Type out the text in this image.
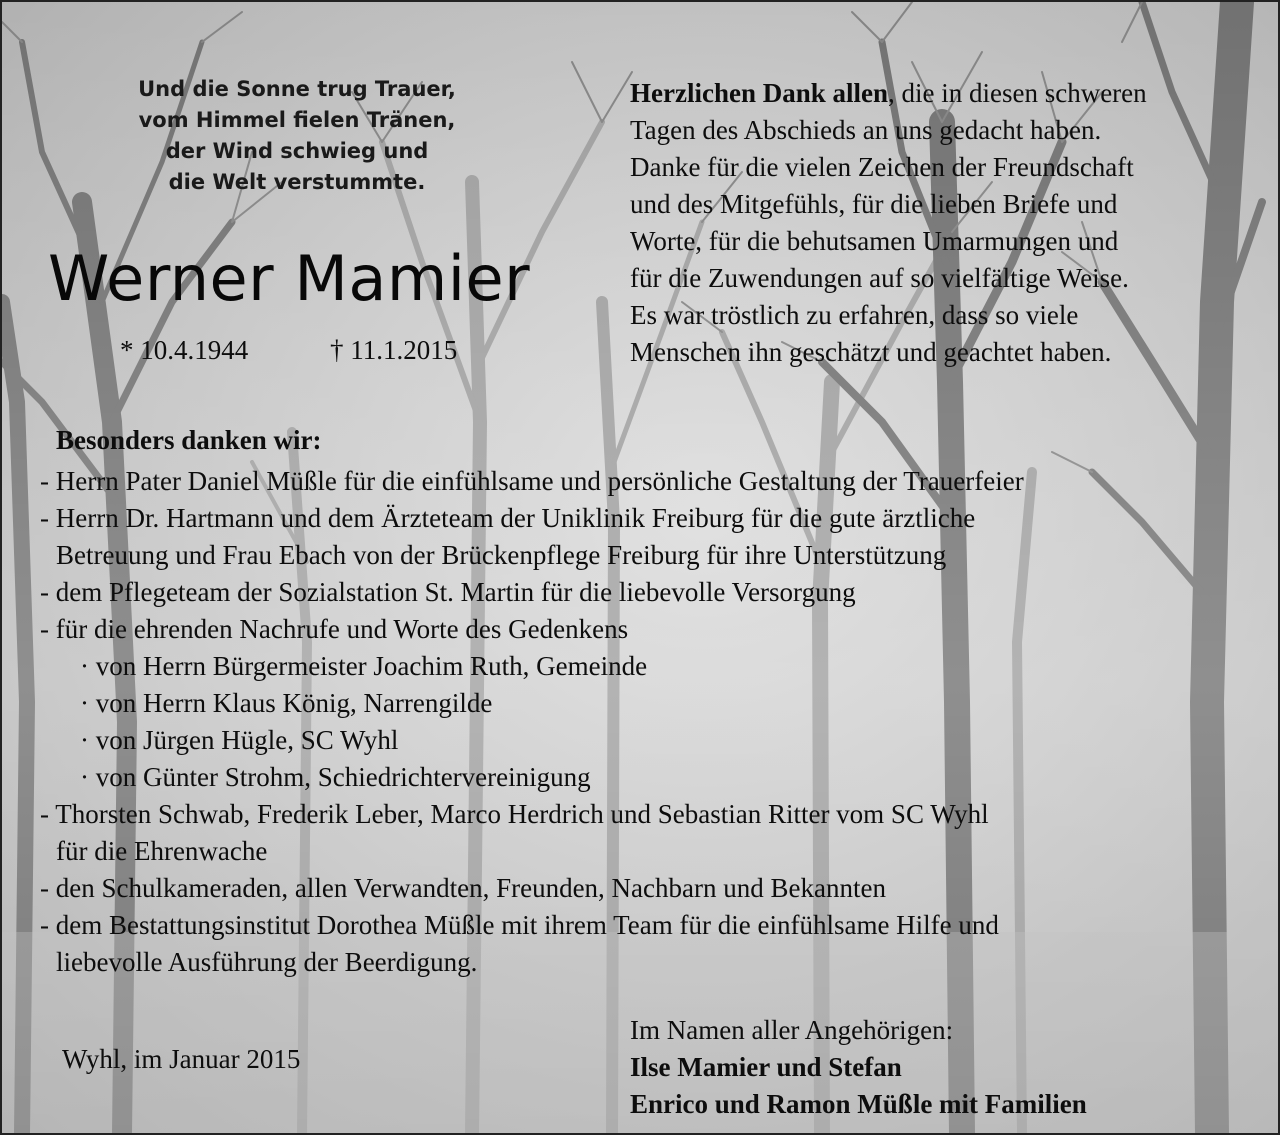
Und die Sonne trug Trauer,
vom Himmel fielen Tränen,
der Wind schwieg und
die Welt verstummte.
Werner Mamier
* 10.4.1944	† 11.1.2015
Herzlichen Dank allen, die in diesen schweren
Tagen des Abschieds an uns gedacht haben.
Danke für die vielen Zeichen der Freundschaft
und des Mitgefühls, für die lieben Briefe und
Worte, für die behutsamen Umarmungen und
für die Zuwendungen auf so vielfältige Weise.
Es war tröstlich zu erfahren, dass so viele
Menschen ihn geschätzt und geachtet haben.
Besonders danken wir:
- Herrn Pater Daniel Müßle für die einfühlsame und persönliche Gestaltung der Trauerfeier
- Herrn Dr. Hartmann und dem Ärzteteam der Uniklinik Freiburg für die gute ärztliche
Betreuung und Frau Ebach von der Brückenpflege Freiburg für ihre Unterstützung
- dem Pflegeteam der Sozialstation St. Martin für die liebevolle Versorgung
- für die ehrenden Nachrufe und Worte des Gedenkens
· von Herrn Bürgermeister Joachim Ruth, Gemeinde
· von Herrn Klaus König, Narrengilde
· von Jürgen Hügle, SC Wyhl
· von Günter Strohm, Schiedrichtervereinigung
- Thorsten Schwab, Frederik Leber, Marco Herdrich und Sebastian Ritter vom SC Wyhl
für die Ehrenwache
- den Schulkameraden, allen Verwandten, Freunden, Nachbarn und Bekannten
- dem Bestattungsinstitut Dorothea Müßle mit ihrem Team für die einfühlsame Hilfe und
liebevolle Ausführung der Beerdigung.
Wyhl, im Januar 2015
Im Namen aller Angehörigen:
Ilse Mamier und Stefan
Enrico und Ramon Müßle mit Familien
